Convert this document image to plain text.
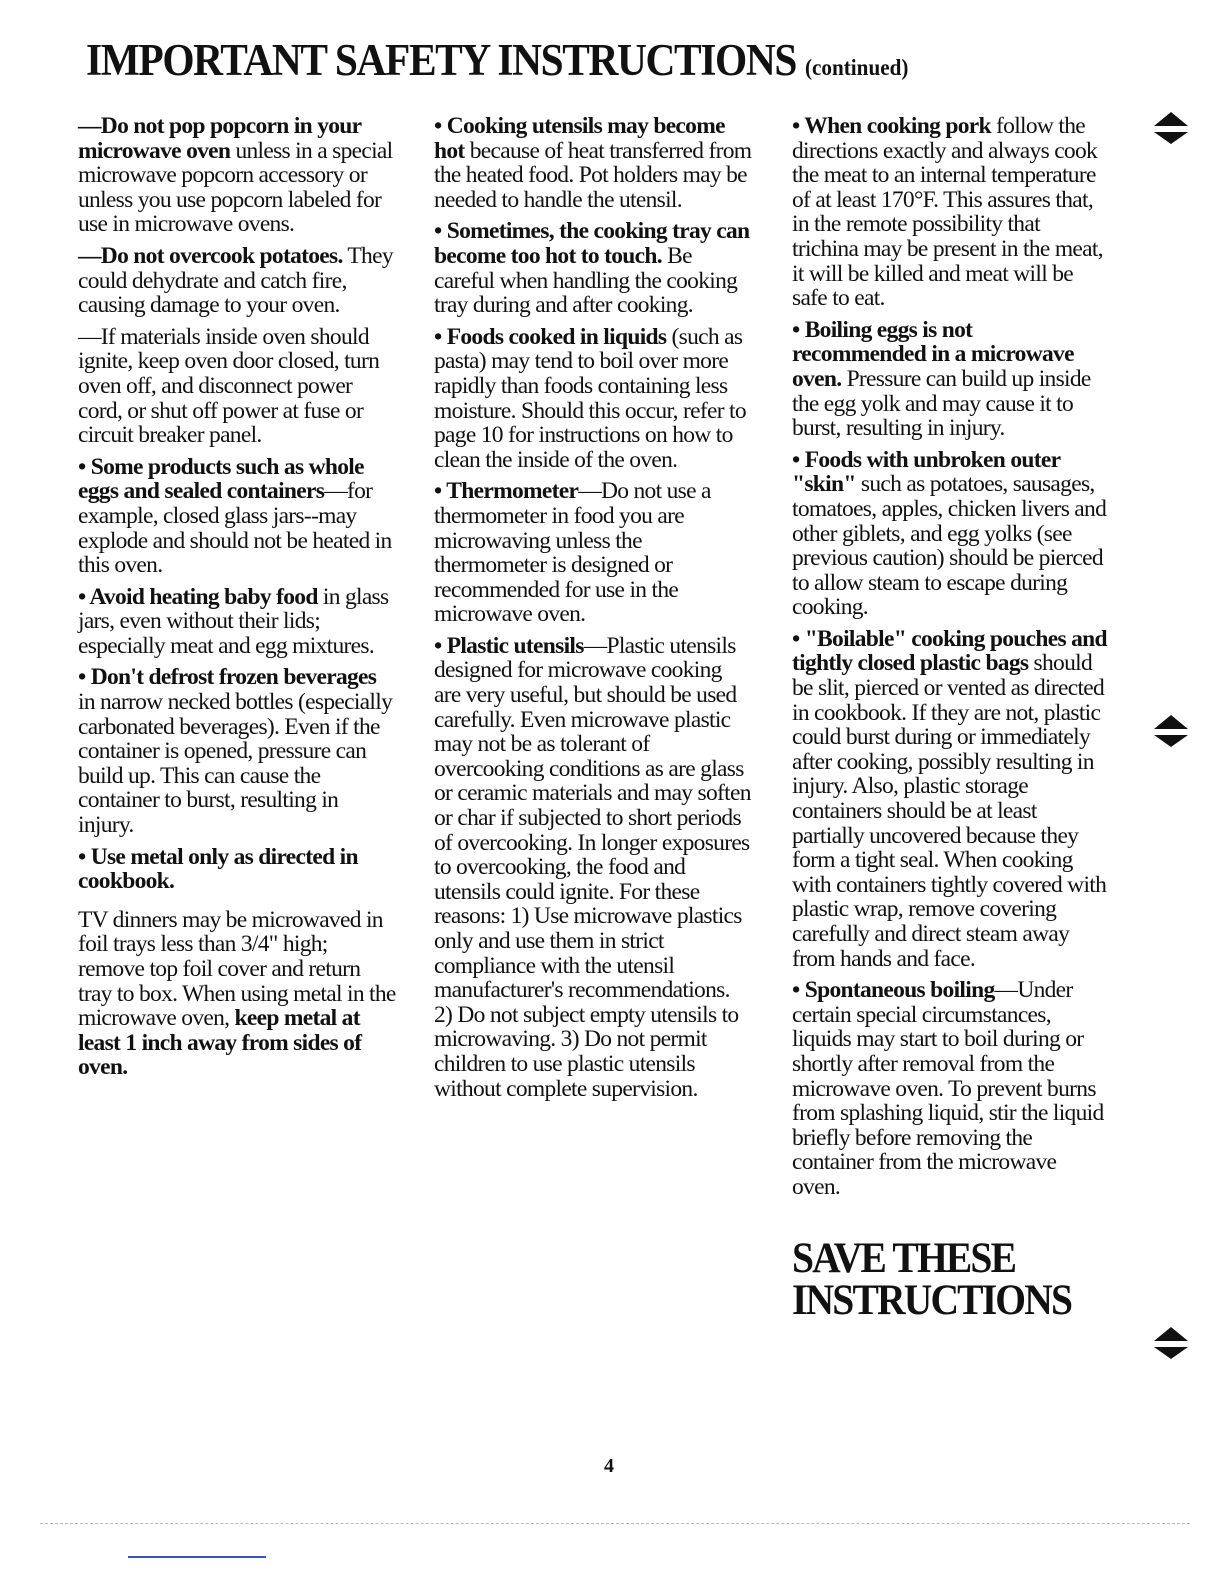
IMPORTANT SAFETY INSTRUCTIONS (continued)

—Do not pop popcorn in your microwave oven unless in a special microwave popcorn accessory or unless you use popcorn labeled for use in microwave ovens.

—Do not overcook potatoes. They could dehydrate and catch fire, causing damage to your oven.

—If materials inside oven should ignite, keep oven door closed, turn oven off, and disconnect power cord, or shut off power at fuse or circuit breaker panel.

• Some products such as whole eggs and sealed containers—for example, closed glass jars--may explode and should not be heated in this oven.

• Avoid heating baby food in glass jars, even without their lids; especially meat and egg mixtures.

• Don't defrost frozen beverages in narrow necked bottles (especially carbonated beverages). Even if the container is opened, pressure can build up. This can cause the container to burst, resulting in injury.

• Use metal only as directed in cookbook.

TV dinners may be microwaved in foil trays less than 3/4" high; remove top foil cover and return tray to box. When using metal in the microwave oven, keep metal at least 1 inch away from sides of oven.

• Cooking utensils may become hot because of heat transferred from the heated food. Pot holders may be needed to handle the utensil.

• Sometimes, the cooking tray can become too hot to touch. Be careful when handling the cooking tray during and after cooking.

• Foods cooked in liquids (such as pasta) may tend to boil over more rapidly than foods containing less moisture. Should this occur, refer to page 10 for instructions on how to clean the inside of the oven.

• Thermometer—Do not use a thermometer in food you are microwaving unless the thermometer is designed or recommended for use in the microwave oven.

• Plastic utensils—Plastic utensils designed for microwave cooking are very useful, but should be used carefully. Even microwave plastic may not be as tolerant of overcooking conditions as are glass or ceramic materials and may soften or char if subjected to short periods of overcooking. In longer exposures to overcooking, the food and utensils could ignite. For these reasons: 1) Use microwave plastics only and use them in strict compliance with the utensil manufacturer's recommendations. 2) Do not subject empty utensils to microwaving. 3) Do not permit children to use plastic utensils without complete supervision.

• When cooking pork follow the directions exactly and always cook the meat to an internal temperature of at least 170°F. This assures that, in the remote possibility that trichina may be present in the meat, it will be killed and meat will be safe to eat.

• Boiling eggs is not recommended in a microwave oven. Pressure can build up inside the egg yolk and may cause it to burst, resulting in injury.

• Foods with unbroken outer "skin" such as potatoes, sausages, tomatoes, apples, chicken livers and other giblets, and egg yolks (see previous caution) should be pierced to allow steam to escape during cooking.

• "Boilable" cooking pouches and tightly closed plastic bags should be slit, pierced or vented as directed in cookbook. If they are not, plastic could burst during or immediately after cooking, possibly resulting in injury. Also, plastic storage containers should be at least partially uncovered because they form a tight seal. When cooking with containers tightly covered with plastic wrap, remove covering carefully and direct steam away from hands and face.

• Spontaneous boiling—Under certain special circumstances, liquids may start to boil during or shortly after removal from the microwave oven. To prevent burns from splashing liquid, stir the liquid briefly before removing the container from the microwave oven.

SAVE THESE
INSTRUCTIONS
4
